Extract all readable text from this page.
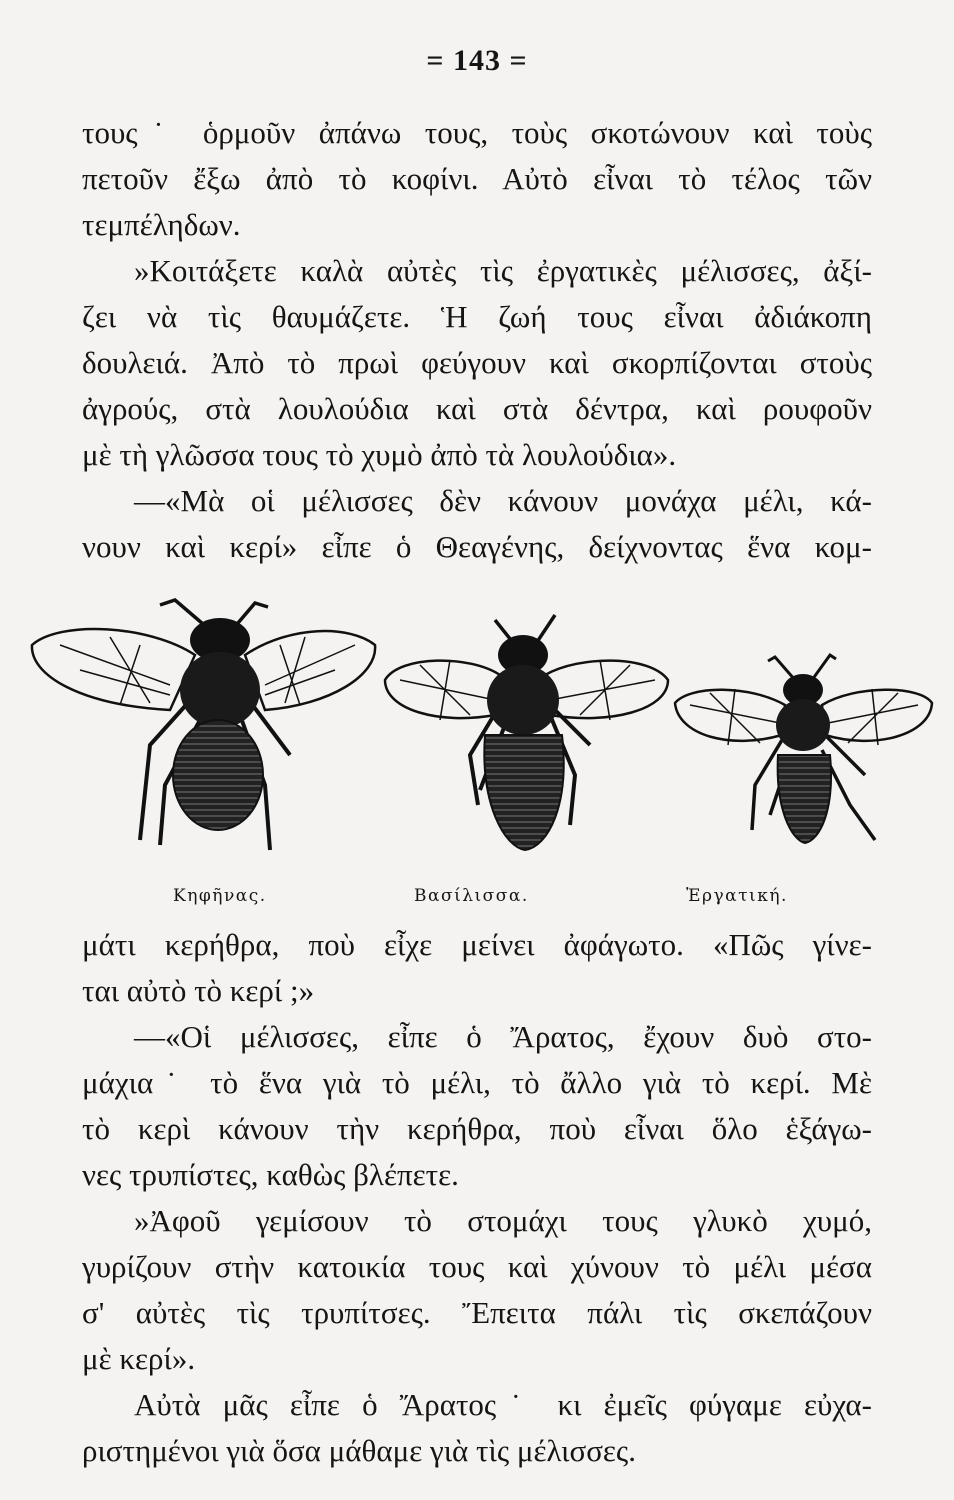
= 143 =
τους˙ ὁρμοῦν ἀπάνω τους, τοὺς σκοτώνουν καὶ τοὺς
πετοῦν ἔξω ἀπὸ τὸ κοφίνι. Αὐτὸ εἶναι τὸ τέλος τῶν
τεμπέληδων.
»Κοιτάξετε καλὰ αὐτὲς τὶς ἐργατικὲς μέλισσες, ἀξί-
ζει νὰ τὶς θαυμάζετε. Ἡ ζωή τους εἶναι ἀδιάκοπη
δουλειά. Ἀπὸ τὸ πρωὶ φεύγουν καὶ σκορπίζονται στοὺς
ἀγρούς, στὰ λουλούδια καὶ στὰ δέντρα, καὶ ρουφοῦν
μὲ τὴ γλῶσσα τους τὸ χυμὸ ἀπὸ τὰ λουλούδια».
—«Μὰ οἱ μέλισσες δὲν κάνουν μονάχα μέλι, κά-
νουν καὶ κερί» εἶπε ὁ Θεαγένης, δείχνοντας ἕνα κομ-
Κηφῆνας.	Βασίλισσα.	Ἐργατική.
μάτι κερήθρα, ποὺ εἶχε μείνει ἀφάγωτο. «Πῶς γίνε-
ται αὐτὸ τὸ κερί ;»
—«Οἱ μέλισσες, εἶπε ὁ Ἄρατος, ἔχουν δυὸ στο-
μάχια˙ τὸ ἕνα γιὰ τὸ μέλι, τὸ ἄλλο γιὰ τὸ κερί. Μὲ
τὸ κερὶ κάνουν τὴν κερήθρα, ποὺ εἶναι ὅλο ἑξάγω-
νες τρυπίστες, καθὼς βλέπετε.
»Ἀφοῦ γεμίσουν τὸ στομάχι τους γλυκὸ χυμό,
γυρίζουν στὴν κατοικία τους καὶ χύνουν τὸ μέλι μέσα
σ' αὐτὲς τὶς τρυπίτσες. Ἔπειτα πάλι τὶς σκεπάζουν
μὲ κερί».
Αὐτὰ μᾶς εἶπε ὁ Ἄρατος˙ κι ἐμεῖς φύγαμε εὐχα-
ριστημένοι γιὰ ὅσα μάθαμε γιὰ τὶς μέλισσες.
